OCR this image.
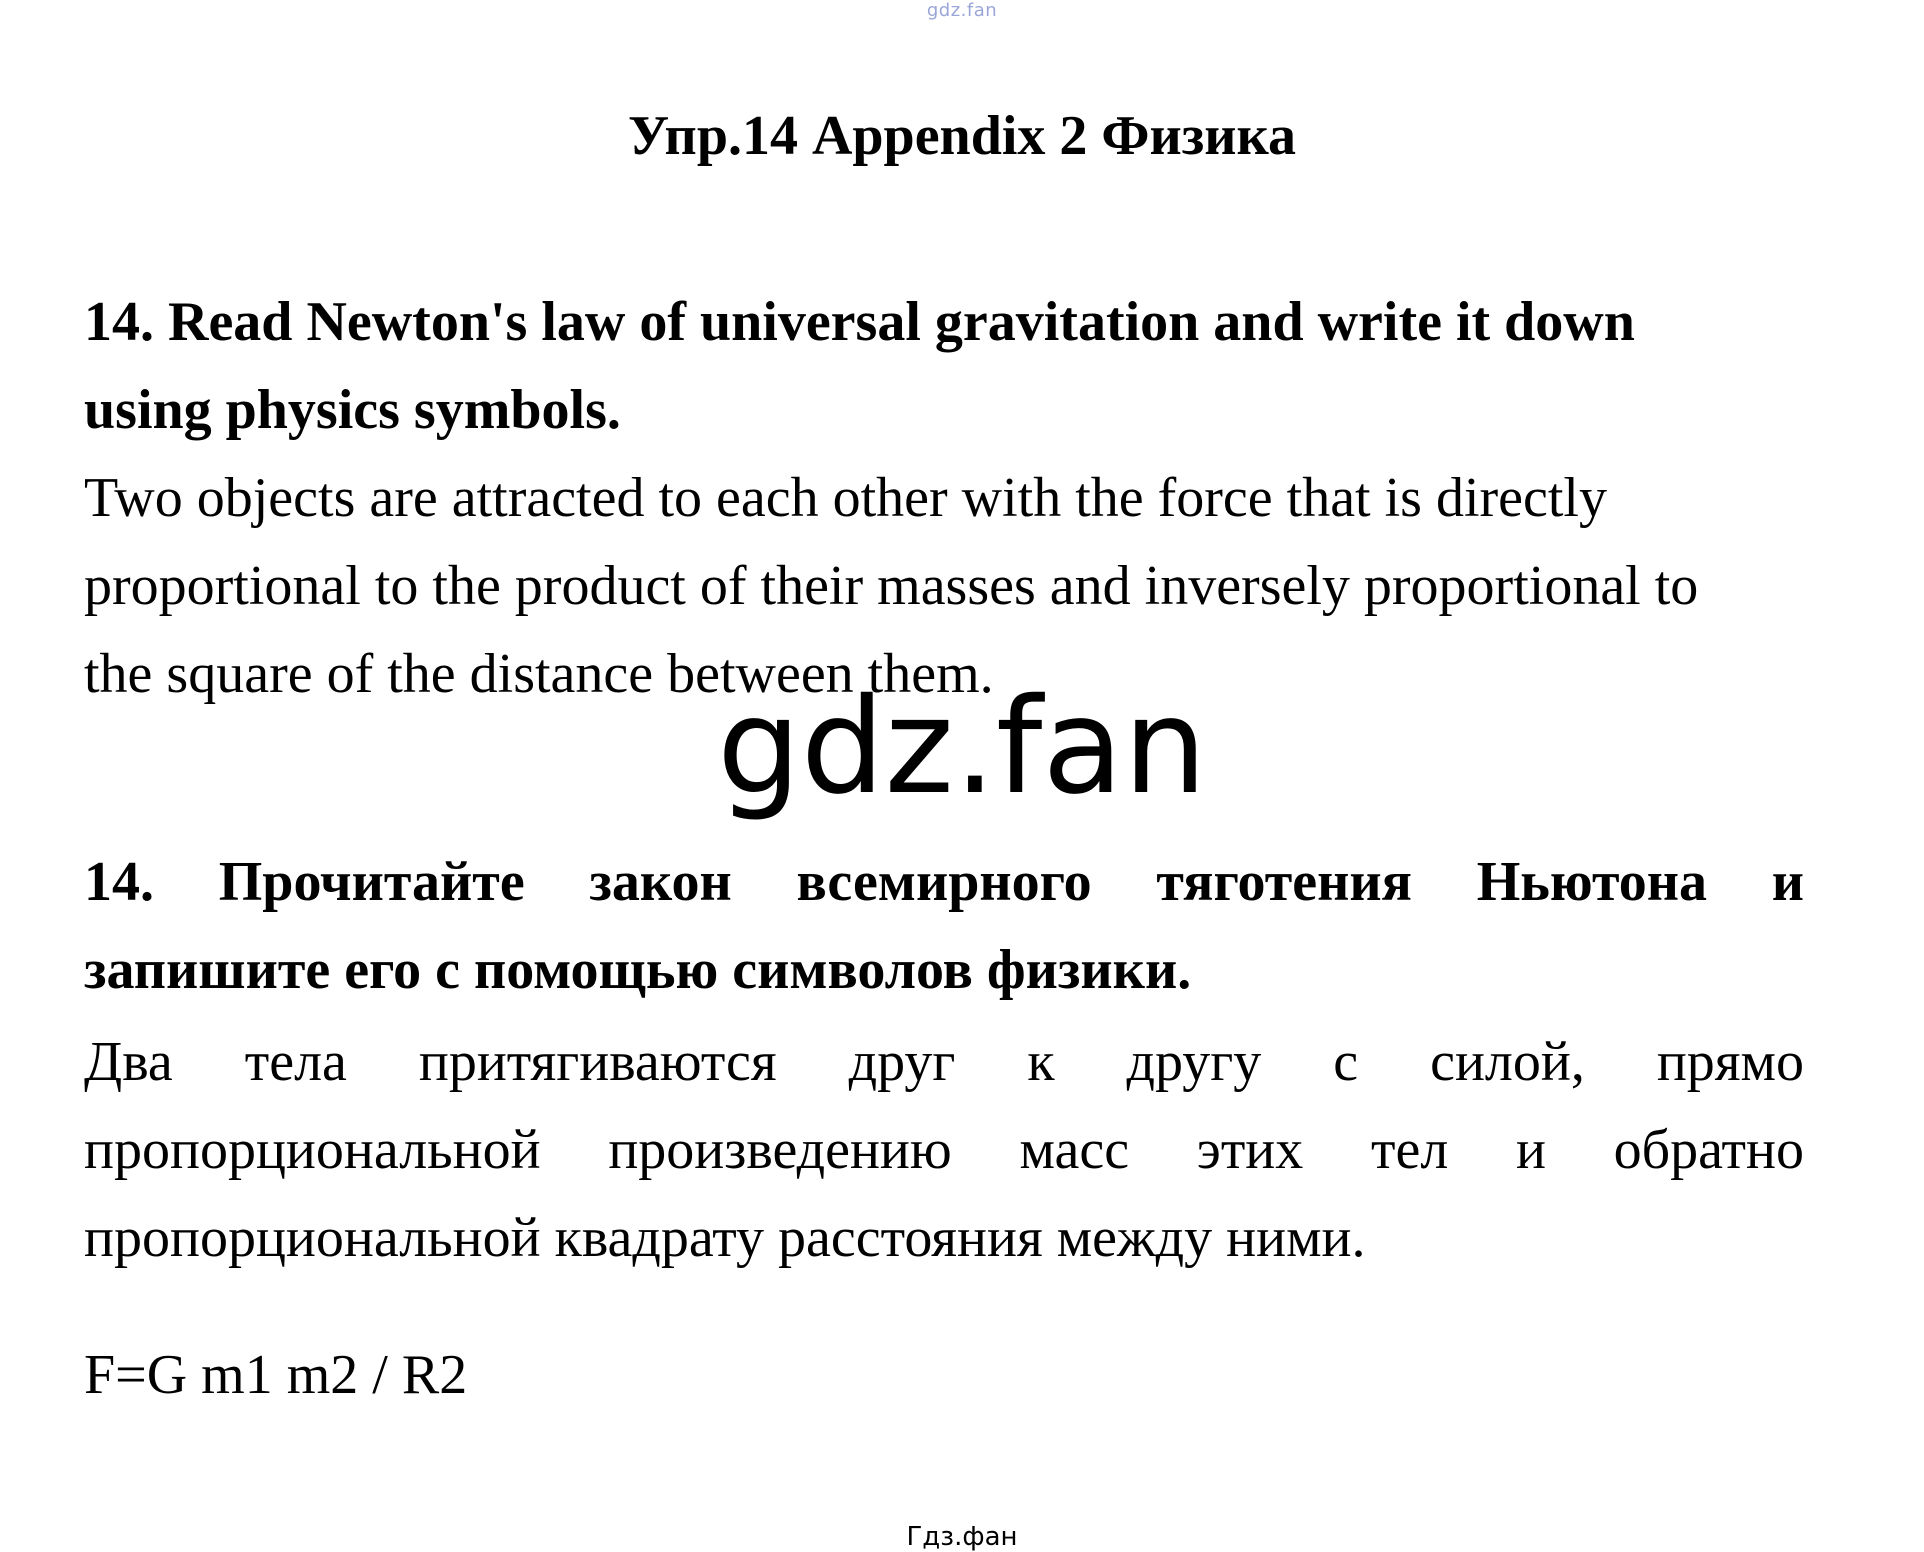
gdz.fan
Упр.14 Appendix 2 Физика
14. Read Newton's law of universal gravitation and write it down
using physics symbols.
Two objects are attracted to each other with the force that is directly
proportional to the product of their masses and inversely proportional to
the square of the distance between them.
gdz.fan
14. Прочитайте закон всемирного тяготения Ньютона и
запишите его с помощью символов физики.
Два тела притягиваются друг к другу с силой, прямо
пропорциональной произведению масс этих тел и обратно
пропорциональной квадрату расстояния между ними.
F=G m1 m2 / R2
Гдз.фан
